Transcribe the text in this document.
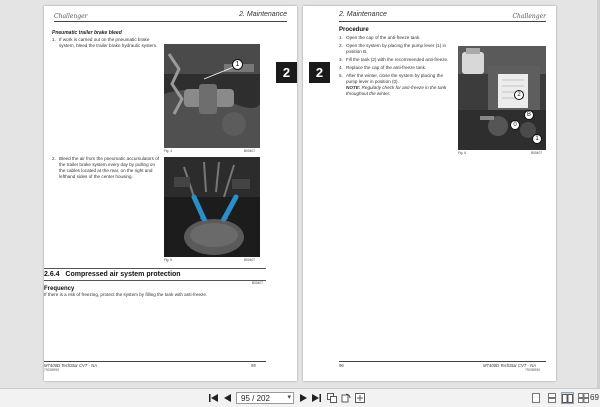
Challenger	2. Maintenance
Pneumatic trailer brake bleed
1. If work is carried out on the pneumatic brake system, bleed the trailer brake hydraulic system.
2. Bleed the air from the pneumatic accumulators of the trailer brake system every day by pulling on the cables located at the rear, on the right and lefthand sides of the center housing.
1
Fig. 4	B00407
Fig. 5	B00407
2.6.4 Compressed air system protection
B00407
Frequency
If there is a risk of freezing, protect the system by filling the tank with anti-freeze.
MT400D TechStar CVT - NA
79035950
95
2
2. Maintenance	Challenger
2
Procedure
1. Open the cap of the anti-freeze tank.
2. Open the system by placing the pump lever (1) in position B.
3. Fill the tank (2) with the recommended anti-freeze.
4. Replace the cap of the anti-freeze tank.
5. After the winter, close the system by placing the pump lever in position (0).
NOTE: Regularly check for anti-freeze in the tank throughout the winter.	2
B
0
1
Fig. 6	B00407
96	MT400D TechStar CVT - NA
79035950
95 / 202	▾	69
